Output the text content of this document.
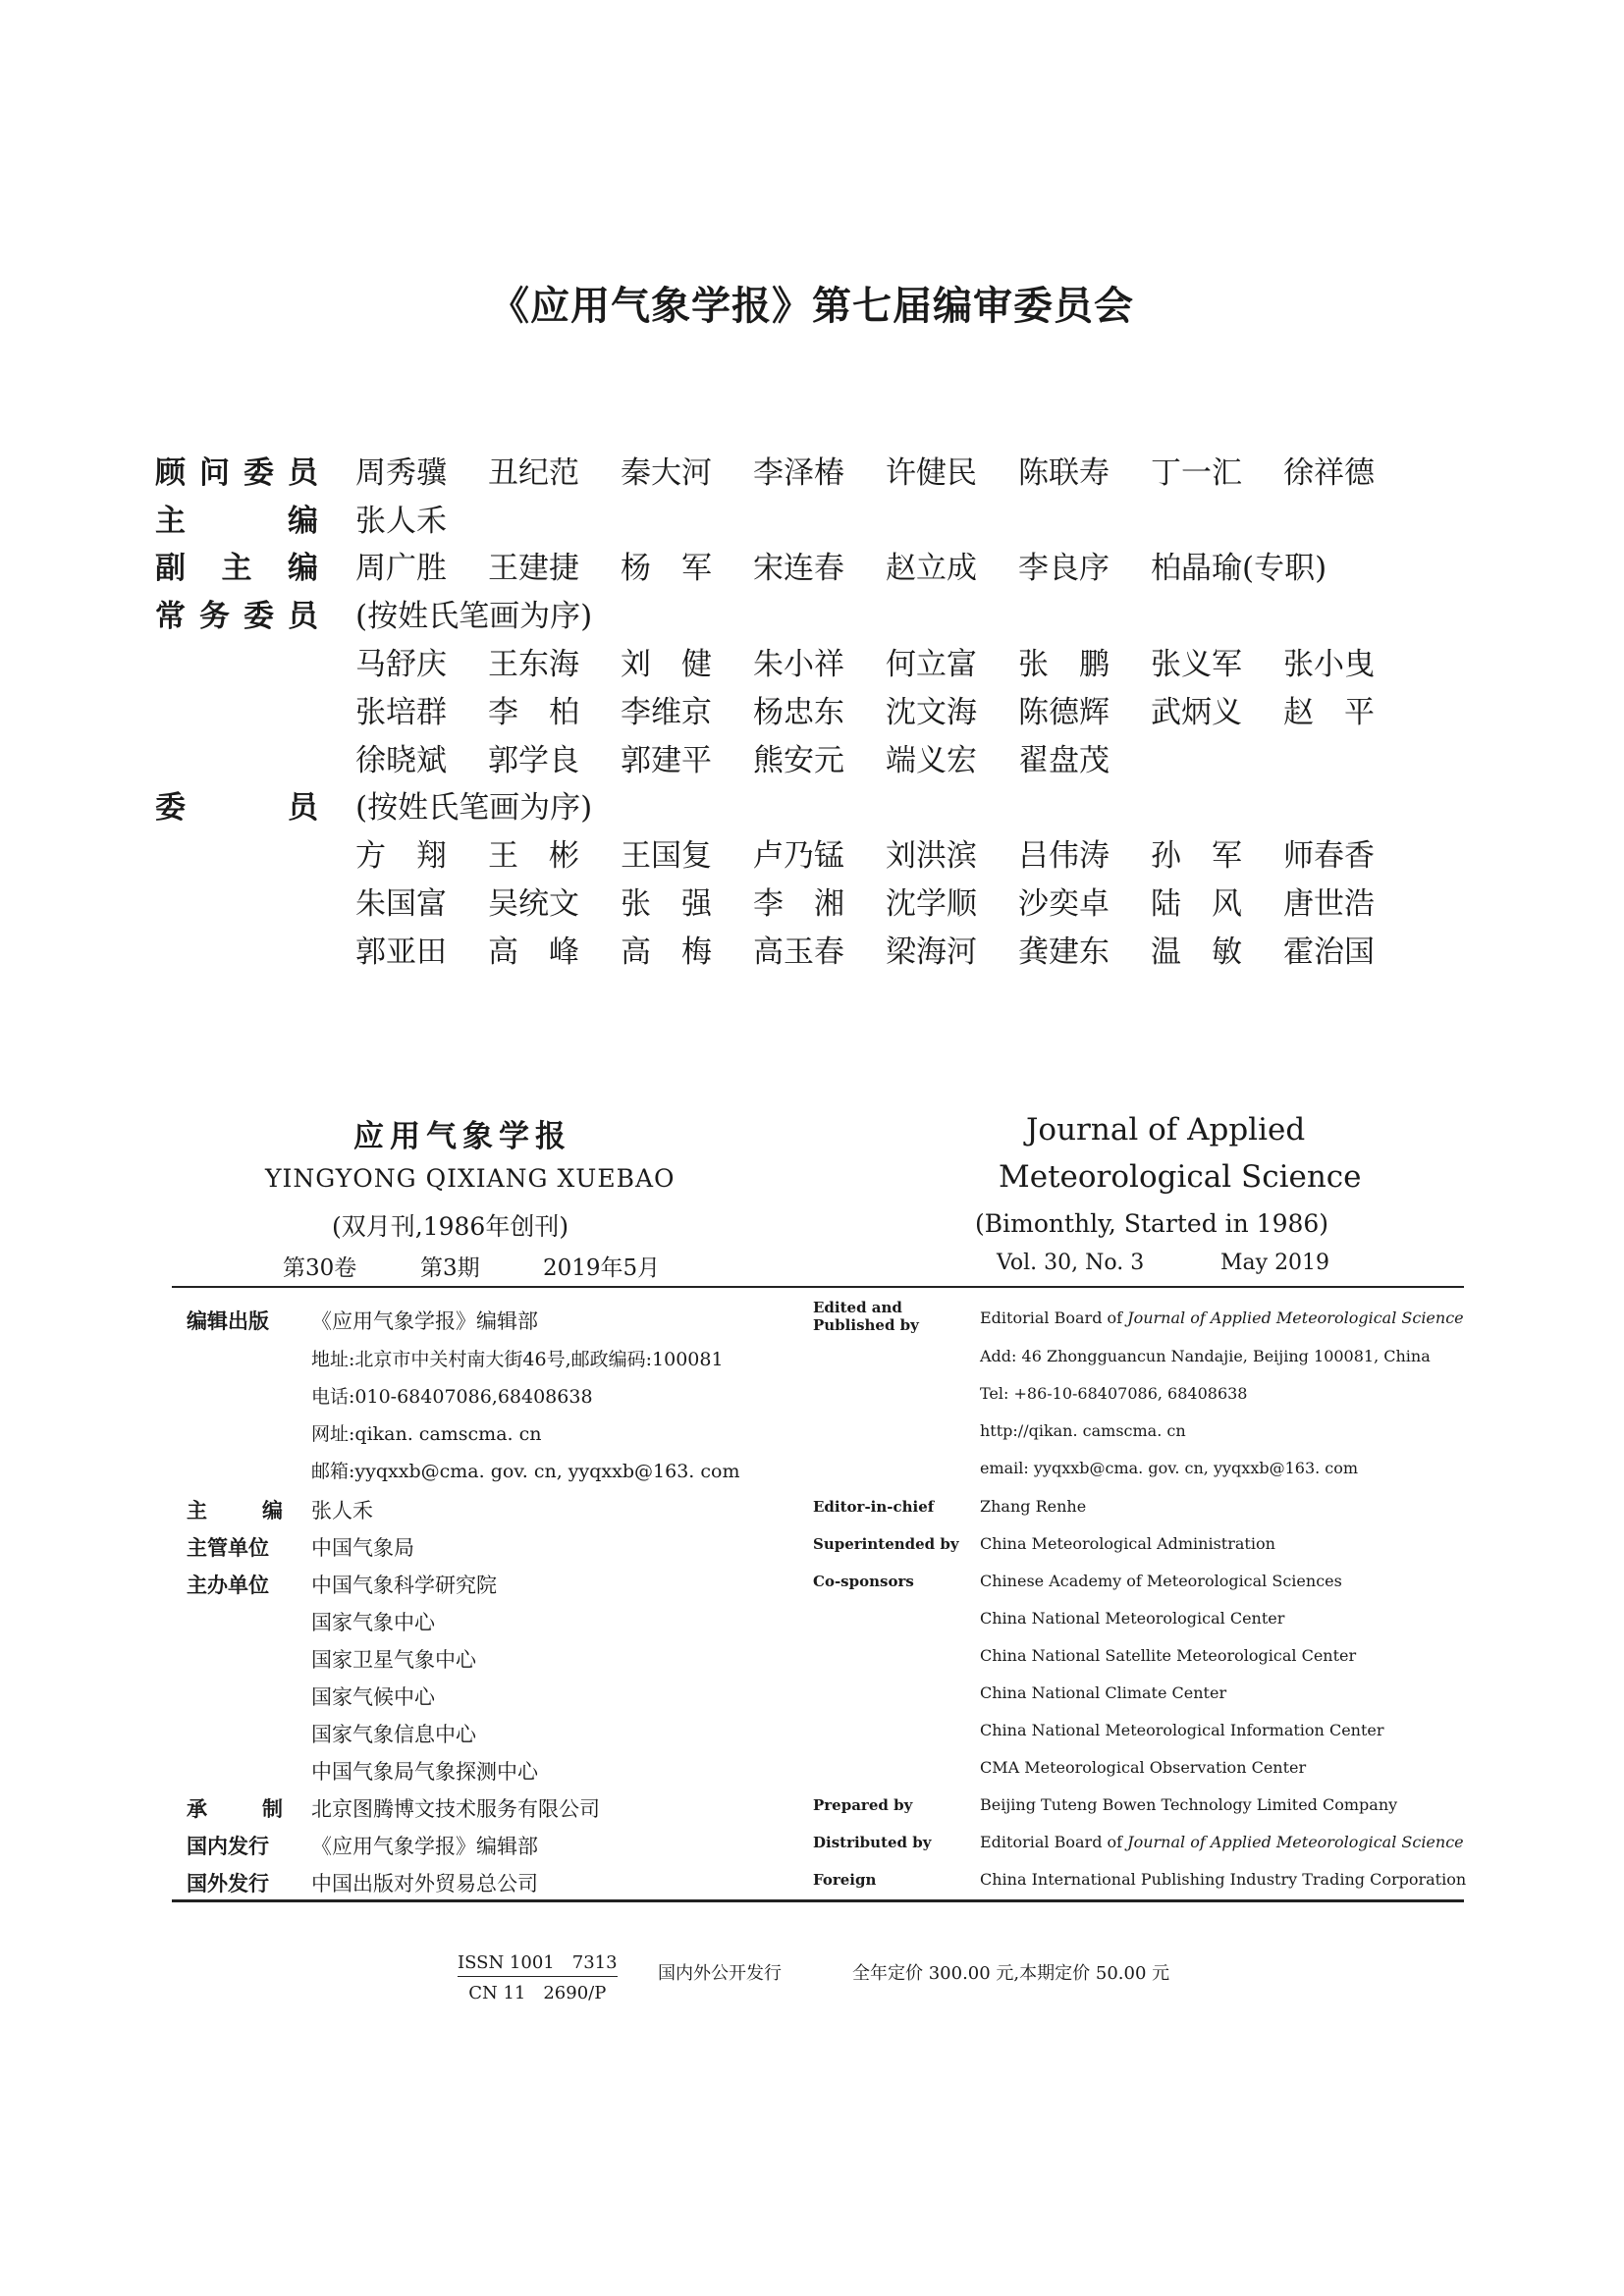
《应用气象学报》第七届编审委员会
顾 问 委 员 周秀骥	丑纪范	秦大河	李泽椿	许健民	陈联寿	丁一汇	徐祥德
主	编 张人禾
副 主 编 周广胜	王建捷	杨　军	宋连春	赵立成	李良序	柏晶瑜(专职)
常 务 委 员 (按姓氏笔画为序)
马舒庆	王东海	刘　健	朱小祥	何立富	张　鹏	张义军	张小曳
张培群	李　柏	李维京	杨忠东	沈文海	陈德辉	武炳义	赵　平
徐晓斌	郭学良	郭建平	熊安元	端义宏	翟盘茂
委	员 (按姓氏笔画为序)
方　翔	王　彬	王国复	卢乃锰	刘洪滨	吕伟涛	孙　军	师春香
朱国富	吴统文	张　强	李　湘	沈学顺	沙奕卓	陆　风	唐世浩
郭亚田	高　峰	高　梅	高玉春	梁海河	龚建东	温　敏	霍治国
应用气象学报
YINGYONG QIXIANG XUEBAO
(双月刊,1986年创刊)
第30卷	第3期	2019年5月
Journal of Applied
Meteorological Science
(Bimonthly, Started in 1986)
Vol. 30, No. 3	May 2019
编辑出版 《应用气象学报》编辑部
Edited and
Published by	Editorial Board of Journal of Applied Meteorological Science
地址:北京市中关村南大街46号,邮政编码:100081	Add: 46 Zhongguancun Nandajie, Beijing 100081, China
电话:010-68407086,68408638	Tel: +86-10-68407086, 68408638
网址:qikan. camscma. cn	http://qikan. camscma. cn
邮箱:yyqxxb@cma. gov. cn, yyqxxb@163. com	email: yyqxxb@cma. gov. cn, yyqxxb@163. com
主	编 张人禾	Editor-in-chief	Zhang Renhe
主管单位 中国气象局	Superintended by China Meteorological Administration
主办单位	Co-sponsors
中国气象科学研究院	Chinese Academy of Meteorological Sciences
国家气象中心	China National Meteorological Center
国家卫星气象中心	China National Satellite Meteorological Center
国家气候中心	China National Climate Center
国家气象信息中心	China National Meteorological Information Center
中国气象局气象探测中心	CMA Meteorological Observation Center
承	制 北京图腾博文技术服务有限公司	Prepared by	Beijing Tuteng Bowen Technology Limited Company
国内发行 《应用气象学报》编辑部	Distributed by	Editorial Board of Journal of Applied Meteorological Science
国外发行 中国出版对外贸易总公司	Foreign	China International Publishing Industry Trading Corporation
ISSN 1001　7313
CN 11　2690/P
国内外公开发行	全年定价 300.00 元,本期定价 50.00 元
